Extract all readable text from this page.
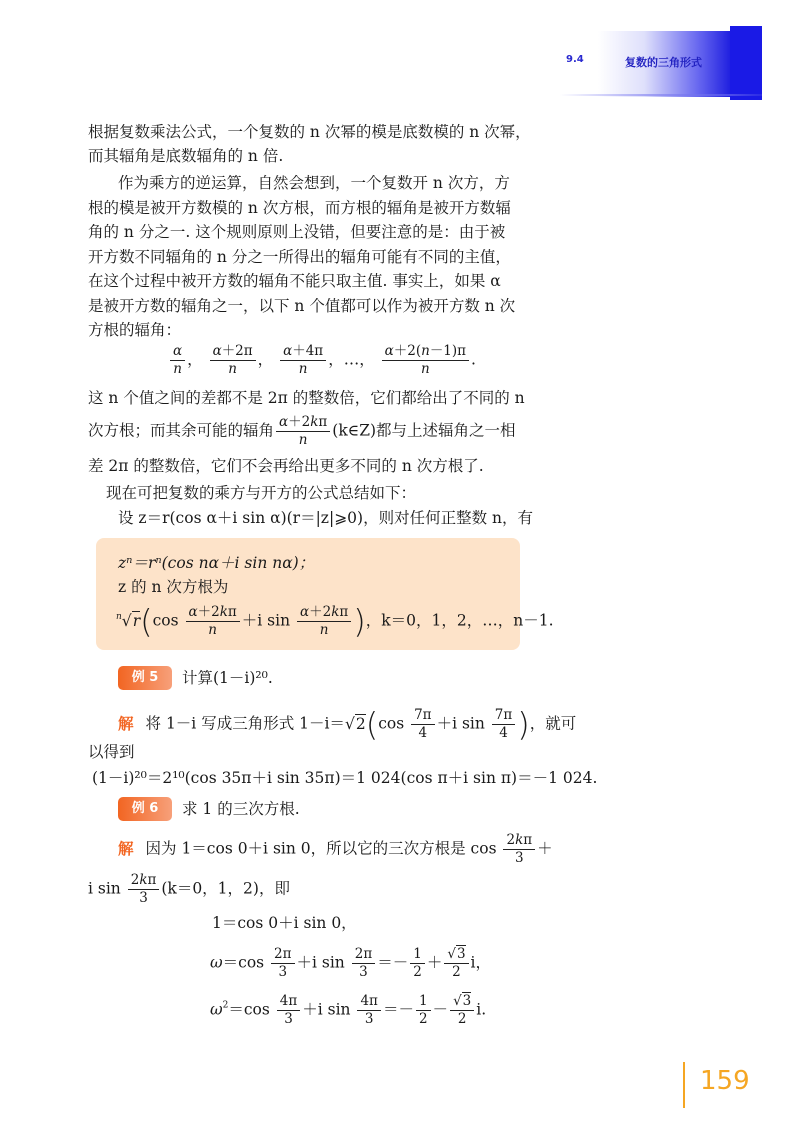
9.4	复数的三角形式
根据复数乘法公式，一个复数的 n 次幂的模是底数模的 n 次幂，
而其辐角是底数辐角的 n 倍.
作为乘方的逆运算，自然会想到，一个复数开 n 次方，方
根的模是被开方数模的 n 次方根，而方根的辐角是被开方数辐
角的 n 分之一. 这个规则原则上没错，但要注意的是：由于被
开方数不同辐角的 n 分之一所得出的辐角可能有不同的主值，
在这个过程中被开方数的辐角不能只取主值. 事实上，如果 α
是被开方数的辐角之一，以下 n 个值都可以作为被开方数 n 次
方根的辐角：
$\frac{\alpha}{n}$ ， $\frac{\alpha+2\pi}{n}$ ， $\frac{\alpha+4\pi}{n}$ ，…， $\frac{\alpha+2(n-1)\pi}{n}$ .
这 n 个值之间的差都不是 2π 的整数倍，它们都给出了不同的 n
次方根；而其余可能的辐角 $\frac{\alpha+2k\pi}{n}$ (k∈Z)都与上述辐角之一相
差 2π 的整数倍，它们不会再给出更多不同的 n 次方根了.
现在可把复数的乘方与开方的公式总结如下：
设 z＝r(cos α＋i sin α)(r＝|z|⩾0)，则对任何正整数 n，有
zⁿ＝rⁿ(cos nα＋i sin nα)；
z 的 n 次方根为
$^n√r(\cos \frac{\alpha+2k\pi}{n} +i$ $\sin \frac{\alpha+2k\pi}{n}$ )，k＝0，1，2，…，n－1.
例 5	计算(1－i)²⁰.
解 将 1－i 写成三角形式 $1-i=√2(\cos \frac{7\pi}{4} +i$ $\sin \frac{7\pi}{4}$ )，就可
以得到
(1－i)²⁰＝2¹⁰(cos 35π＋i sin 35π)＝1 024(cos π＋i sin π)＝－1 024.
例 6	求 1 的三次方根.
解 因为 1＝cos 0＋i sin 0，所以它的三次方根是 $\cos \frac{2k\pi}{3}$ ＋
i $\sin \frac{2k\pi}{3} (k=0$，1，2)，即
1＝cos 0＋i sin 0，
$\omega=\cos \frac{2\pi}{3} +i$ $\sin \frac{2\pi}{3} =- \frac{1}{2} + \frac{√3}{2}$ i，
$\omega^2=\cos \frac{4\pi}{3} +i$ $\sin \frac{4\pi}{3} =- \frac{1}{2} - \frac{√3}{2} i$.
159
